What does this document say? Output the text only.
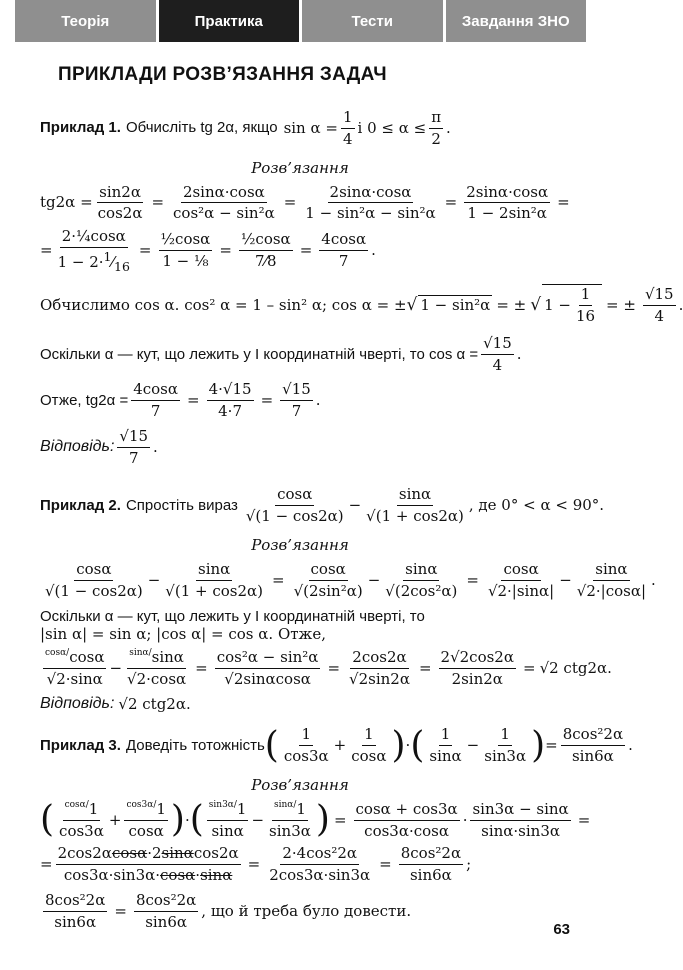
Теорія	Практика	Тести	Завдання ЗНО
ПРИКЛАДИ РОЗВ’ЯЗАННЯ ЗАДАЧ
Приклад 1. Обчисліть tg 2α, якщо $\sin \alpha = \frac{1}{4}$ і $0 \le \alpha \le \frac{\pi}{2}$ .
Розв’язання
$tg2\alpha = \frac{\sin 2\alpha}{\cos 2\alpha} = \frac{2\sin\alpha\cdot\cos\alpha}{\text{cos²α − sin²α}} = \frac{2\sin\alpha\cdot\cos\alpha}{\text{1 − sin²α − sin²α}} = \frac{2\sin\alpha\cdot\cos\alpha}{\text{1 − 2sin²α}}$ =
= $\frac{\text{2·¼cosα}}{1 - 2\cdot^1⁄_{16}} = \frac{\text{½cosα}}{\text{1 − ⅛}} = \frac{\text{½cosα}}{7⁄8} = \frac{4\cos\alpha}{7}$ .
Обчислимо cos α. cos² α = 1 – sin² α; cos α = ± √ 1 − sin²α = ± √ 1 −
1
16
= ± $\frac{√15}{4}$ .
Оскільки α — кут, що лежить у І координатній чверті, то $\cos \alpha = \frac{√15}{4}$ .
Отже, $tg2\alpha = \frac{4\cos\alpha}{7} = \frac{4\cdot√15}{4\cdot 7} = \frac{√15}{7}$ .
Відповідь:
√15
7
.
Приклад 2. Спростіть вираз
cosα
√(1 − cos2α)
− $\frac{\sin\alpha}{√(1 + \cos 2\alpha)}$ , де 0° < α < 90°.
Розв’язання
cosα
√(1 − cos2α)
− $\frac{\sin\alpha}{√(1 + \cos 2\alpha)} = \frac{\cos\alpha}{\text{√(2sin²α)}} - \frac{\sin\alpha}{\text{√(2cos²α)}} = \frac{\cos\alpha}{√2\cdot|\sin\alpha|} - \frac{\sin\alpha}{√2\cdot|\cos\alpha|}$ .
Оскільки α — кут, що лежить у І координатній чверті, то
|sin α| = sin α; |cos α| = cos α. Отже,
$^{cos\alpha/}$cosα
√2·sinα
− $\frac{^{sin\alpha/}\sin\alpha}{√2\cdot\cos\alpha} = \frac{\text{cos²α − sin²α}}{√2\sin\alpha\cos\alpha} = \frac{2\cos 2\alpha}{√2\sin 2\alpha} = \frac{2√2\cos 2\alpha}{2\sin 2\alpha} = √2$ ctg2α.
Відповідь: √2 ctg2α.
Приклад 3. Доведіть тотожність ( 1
cos3α
+ $\frac{1}{\cos\alpha}$ ) · ( 1
sinα
− $\frac{1}{\sin 3\alpha}$ ) = $\frac{\text{8cos²2α}}{\sin 6\alpha}$ .
Розв’язання
( $^{cos\alpha/}$1
cos3α
+ $\frac{^{cos3\alpha/}1}{\cos\alpha}$ ) · ( $^{sin3\alpha/}$1
sinα
− $\frac{^{sin\alpha/}1}{\sin 3\alpha}$ ) = $\frac{\cos\alpha + \cos 3\alpha}{\cos 3\alpha\cdot\cos\alpha} \cdot \frac{\sin 3\alpha - \sin\alpha}{\sin\alpha\cdot\sin 3\alpha}$ =
= $\frac{2\cos 2\alpha\cos\alpha\cdot 2\sin\alpha\cos 2\alpha}{\cos 3\alpha\cdot\sin 3\alpha\cdot\cos\alpha\cdot\sin\alpha} = \frac{\text{2·4cos²2α}}{2\cos 3\alpha\cdot\sin 3\alpha} = \frac{\text{8cos²2α}}{\sin 6\alpha}$ ;
$\frac{\text{8cos²2α}}{\sin 6\alpha} = \frac{\text{8cos²2α}}{\sin 6\alpha}$ , що й треба було довести.
63
